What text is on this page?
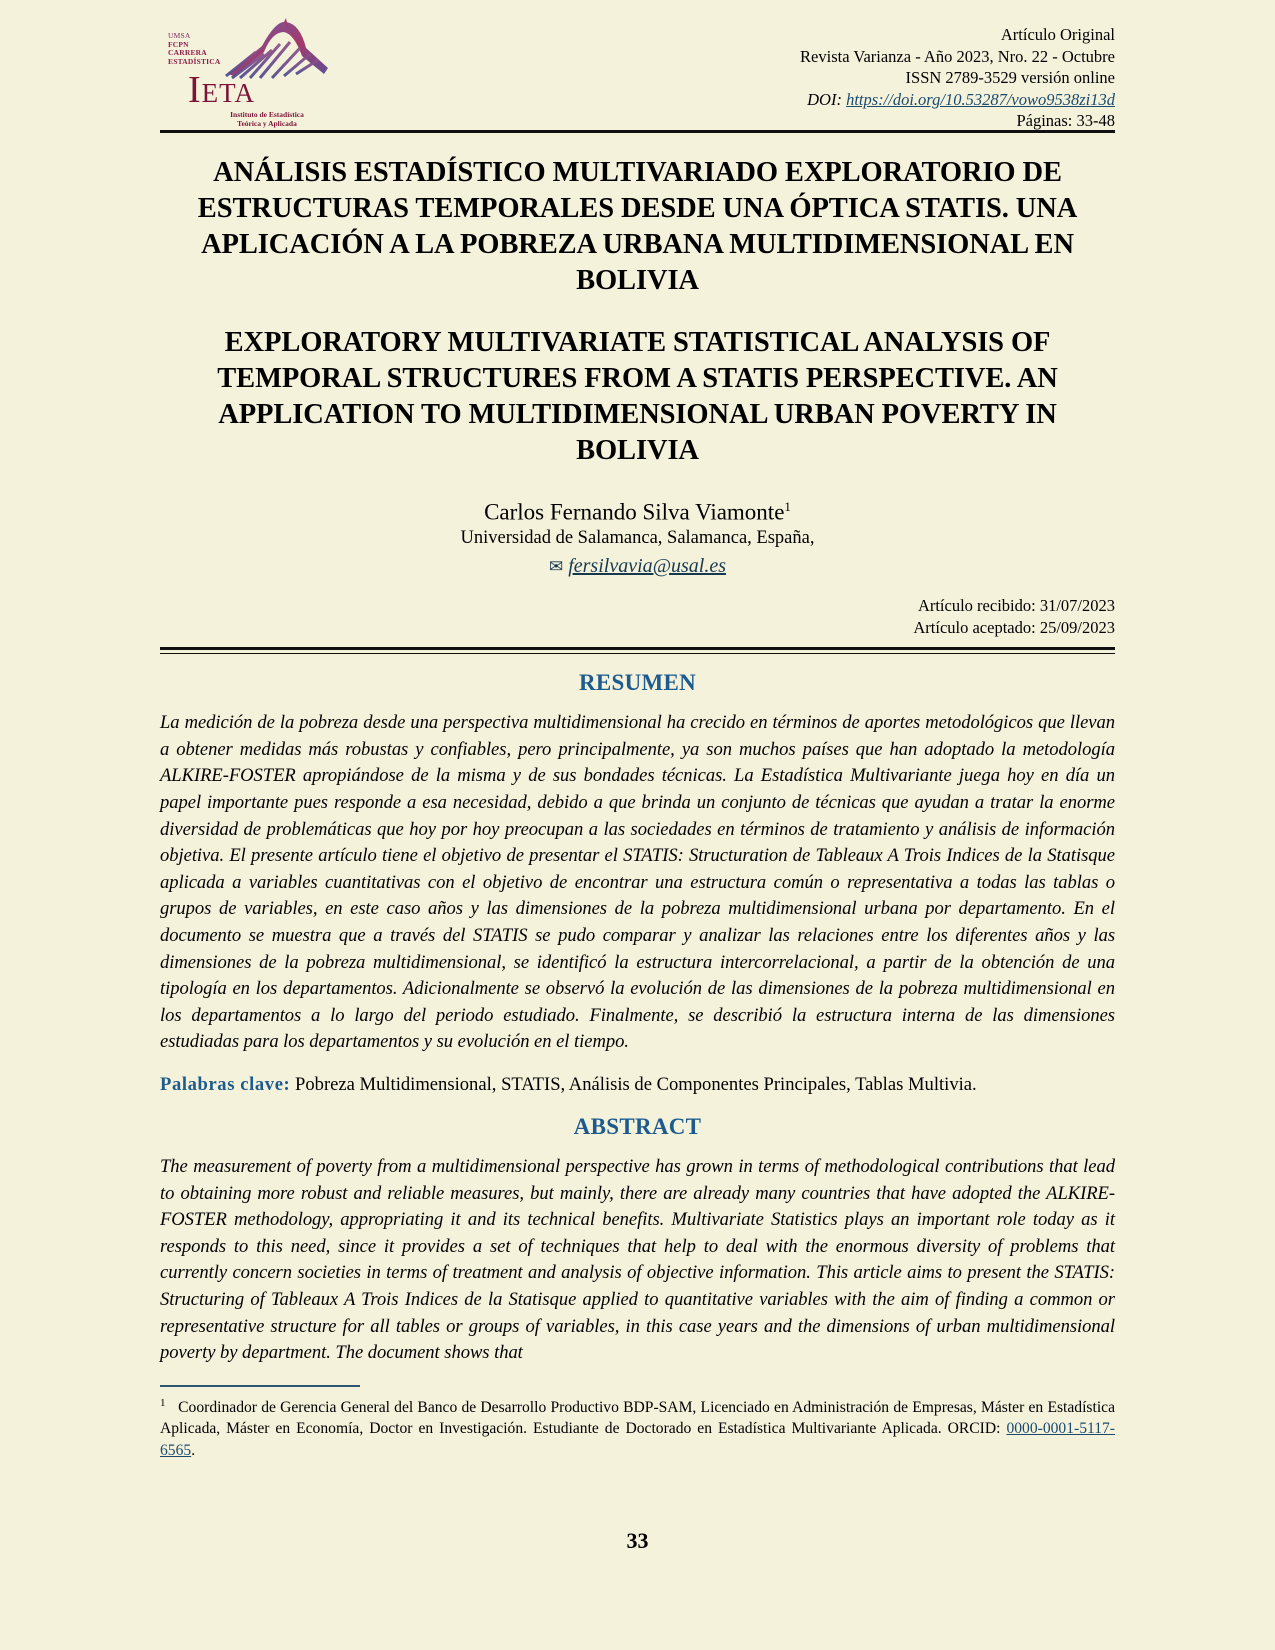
UMSA
FCPN
CARRERA
ESTADÍSTICA
IETA
Instituto de Estadística
Teórica y Aplicada
Artículo Original
Revista Varianza - Año 2023, Nro. 22 - Octubre
ISSN 2789-3529 versión online
DOI: https://doi.org/10.53287/vowo9538zi13d
Páginas: 33-48
ANÁLISIS ESTADÍSTICO MULTIVARIADO EXPLORATORIO DE ESTRUCTURAS TEMPORALES DESDE UNA ÓPTICA STATIS. UNA APLICACIÓN A LA POBREZA URBANA MULTIDIMENSIONAL EN BOLIVIA
EXPLORATORY MULTIVARIATE STATISTICAL ANALYSIS OF TEMPORAL STRUCTURES FROM A STATIS PERSPECTIVE. AN APPLICATION TO MULTIDIMENSIONAL URBAN POVERTY IN BOLIVIA
Carlos Fernando Silva Viamonte$^1$
Universidad de Salamanca, Salamanca, España,
✉ fersilvavia@usal.es
Artículo recibido: 31/07/2023
Artículo aceptado: 25/09/2023
RESUMEN
La medición de la pobreza desde una perspectiva multidimensional ha crecido en términos de aportes metodológicos que llevan a obtener medidas más robustas y confiables, pero principalmente, ya son muchos países que han adoptado la metodología ALKIRE-FOSTER apropiándose de la misma y de sus bondades técnicas. La Estadística Multivariante juega hoy en día un papel importante pues responde a esa necesidad, debido a que brinda un conjunto de técnicas que ayudan a tratar la enorme diversidad de problemáticas que hoy por hoy preocupan a las sociedades en términos de tratamiento y análisis de información objetiva. El presente artículo tiene el objetivo de presentar el STATIS: Structuration de Tableaux A Trois Indices de la Statisque aplicada a variables cuantitativas con el objetivo de encontrar una estructura común o representativa a todas las tablas o grupos de variables, en este caso años y las dimensiones de la pobreza multidimensional urbana por departamento. En el documento se muestra que a través del STATIS se pudo comparar y analizar las relaciones entre los diferentes años y las dimensiones de la pobreza multidimensional, se identificó la estructura intercorrelacional, a partir de la obtención de una tipología en los departamentos. Adicionalmente se observó la evolución de las dimensiones de la pobreza multidimensional en los departamentos a lo largo del periodo estudiado. Finalmente, se describió la estructura interna de las dimensiones estudiadas para los departamentos y su evolución en el tiempo.
Palabras clave: Pobreza Multidimensional, STATIS, Análisis de Componentes Principales, Tablas Multivia.
ABSTRACT
The measurement of poverty from a multidimensional perspective has grown in terms of methodological contributions that lead to obtaining more robust and reliable measures, but mainly, there are already many countries that have adopted the ALKIRE-FOSTER methodology, appropriating it and its technical benefits. Multivariate Statistics plays an important role today as it responds to this need, since it provides a set of techniques that help to deal with the enormous diversity of problems that currently concern societies in terms of treatment and analysis of objective information. This article aims to present the STATIS: Structuring of Tableaux A Trois Indices de la Statisque applied to quantitative variables with the aim of finding a common or representative structure for all tables or groups of variables, in this case years and the dimensions of urban multidimensional poverty by department. The document shows that
$^1$ Coordinador de Gerencia General del Banco de Desarrollo Productivo BDP-SAM, Licenciado en Administración de Empresas, Máster en Estadística Aplicada, Máster en Economía, Doctor en Investigación. Estudiante de Doctorado en Estadística Multivariante Aplicada. ORCID: 0000-0001-5117-6565.
33
